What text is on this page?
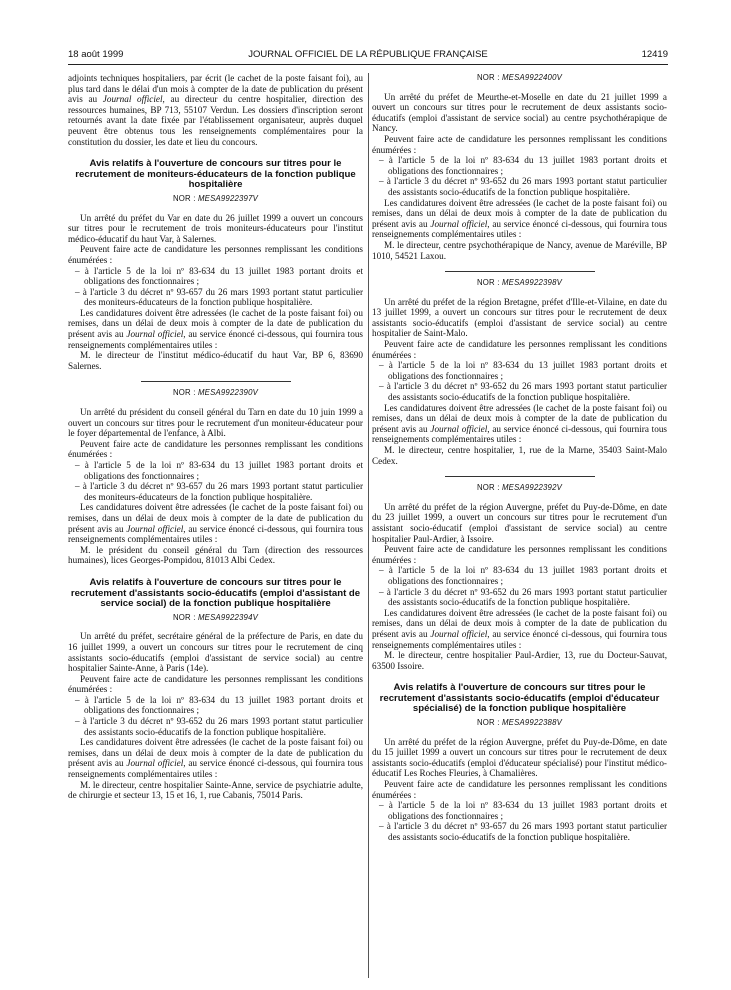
18 août 1999	JOURNAL OFFICIEL DE LA RÉPUBLIQUE FRANÇAISE	12419

adjoints techniques hospitaliers, par écrit (le cachet de la poste faisant foi), au plus tard dans le délai d'un mois à compter de la date de publication du présent avis au Journal officiel, au directeur du centre hospitalier, direction des ressources humaines, BP 713, 55107 Verdun. Les dossiers d'inscription seront retournés avant la date fixée par l'établissement organisateur, auprès duquel peuvent être obtenus tous les renseignements complémentaires pour la constitution du dossier, les date et lieu du concours.

Avis relatifs à l'ouverture de concours sur titres pour le recrutement de moniteurs-éducateurs de la fonction publique hospitalière
NOR : MESA9922397V

Un arrêté du préfet du Var en date du 26 juillet 1999 a ouvert un concours sur titres pour le recrutement de trois moniteurs-éducateurs pour l'institut médico-éducatif du haut Var, à Salernes.

Peuvent faire acte de candidature les personnes remplissant les conditions énumérées :

– à l'article 5 de la loi nº 83-634 du 13 juillet 1983 portant droits et obligations des fonctionnaires ;
– à l'article 3 du décret nº 93-657 du 26 mars 1993 portant statut particulier des moniteurs-éducateurs de la fonction publique hospitalière.

Les candidatures doivent être adressées (le cachet de la poste faisant foi) ou remises, dans un délai de deux mois à compter de la date de publication du présent avis au Journal officiel, au service énoncé ci-dessous, qui fournira tous renseignements complémentaires utiles :

M. le directeur de l'institut médico-éducatif du haut Var, BP 6, 83690 Salernes.

NOR : MESA9922390V

Un arrêté du président du conseil général du Tarn en date du 10 juin 1999 a ouvert un concours sur titres pour le recrutement d'un moniteur-éducateur pour le foyer départemental de l'enfance, à Albi.

Peuvent faire acte de candidature les personnes remplissant les conditions énumérées :

– à l'article 5 de la loi nº 83-634 du 13 juillet 1983 portant droits et obligations des fonctionnaires ;
– à l'article 3 du décret nº 93-657 du 26 mars 1993 portant statut particulier des moniteurs-éducateurs de la fonction publique hospitalière.

Les candidatures doivent être adressées (le cachet de la poste faisant foi) ou remises, dans un délai de deux mois à compter de la date de publication du présent avis au Journal officiel, au service énoncé ci-dessous, qui fournira tous renseignements complémentaires utiles :

M. le président du conseil général du Tarn (direction des ressources humaines), lices Georges-Pompidou, 81013 Albi Cedex.

Avis relatifs à l'ouverture de concours sur titres pour le recrutement d'assistants socio-éducatifs (emploi d'assistant de service social) de la fonction publique hospitalière
NOR : MESA9922394V

Un arrêté du préfet, secrétaire général de la préfecture de Paris, en date du 16 juillet 1999, a ouvert un concours sur titres pour le recrutement de cinq assistants socio-éducatifs (emploi d'assistant de service social) au centre hospitalier Sainte-Anne, à Paris (14e).

Peuvent faire acte de candidature les personnes remplissant les conditions énumérées :

– à l'article 5 de la loi nº 83-634 du 13 juillet 1983 portant droits et obligations des fonctionnaires ;
– à l'article 3 du décret nº 93-652 du 26 mars 1993 portant statut particulier des assistants socio-éducatifs de la fonction publique hospitalière.

Les candidatures doivent être adressées (le cachet de la poste faisant foi) ou remises, dans un délai de deux mois à compter de la date de publication du présent avis au Journal officiel, au service énoncé ci-dessous, qui fournira tous renseignements complémentaires utiles :

M. le directeur, centre hospitalier Sainte-Anne, service de psychiatrie adulte, de chirurgie et secteur 13, 15 et 16, 1, rue Cabanis, 75014 Paris.

NOR : MESA9922400V

Un arrêté du préfet de Meurthe-et-Moselle en date du 21 juillet 1999 a ouvert un concours sur titres pour le recrutement de deux assistants socio-éducatifs (emploi d'assistant de service social) au centre psychothérapique de Nancy.

Peuvent faire acte de candidature les personnes remplissant les conditions énumérées :

– à l'article 5 de la loi nº 83-634 du 13 juillet 1983 portant droits et obligations des fonctionnaires ;
– à l'article 3 du décret nº 93-652 du 26 mars 1993 portant statut particulier des assistants socio-éducatifs de la fonction publique hospitalière.

Les candidatures doivent être adressées (le cachet de la poste faisant foi) ou remises, dans un délai de deux mois à compter de la date de publication du présent avis au Journal officiel, au service énoncé ci-dessous, qui fournira tous renseignements complémentaires utiles :

M. le directeur, centre psychothérapique de Nancy, avenue de Maréville, BP 1010, 54521 Laxou.

NOR : MESA9922398V

Un arrêté du préfet de la région Bretagne, préfet d'Ille-et-Vilaine, en date du 13 juillet 1999, a ouvert un concours sur titres pour le recrutement de deux assistants socio-éducatifs (emploi d'assistant de service social) au centre hospitalier de Saint-Malo.

Peuvent faire acte de candidature les personnes remplissant les conditions énumérées :

– à l'article 5 de la loi nº 83-634 du 13 juillet 1983 portant droits et obligations des fonctionnaires ;
– à l'article 3 du décret nº 93-652 du 26 mars 1993 portant statut particulier des assistants socio-éducatifs de la fonction publique hospitalière.

Les candidatures doivent être adressées (le cachet de la poste faisant foi) ou remises, dans un délai de deux mois à compter de la date de publication du présent avis au Journal officiel, au service énoncé ci-dessous, qui fournira tous renseignements complémentaires utiles :

M. le directeur, centre hospitalier, 1, rue de la Marne, 35403 Saint-Malo Cedex.

NOR : MESA9922392V

Un arrêté du préfet de la région Auvergne, préfet du Puy-de-Dôme, en date du 23 juillet 1999, a ouvert un concours sur titres pour le recrutement d'un assistant socio-éducatif (emploi d'assistant de service social) au centre hospitalier Paul-Ardier, à Issoire.

Peuvent faire acte de candidature les personnes remplissant les conditions énumérées :

– à l'article 5 de la loi nº 83-634 du 13 juillet 1983 portant droits et obligations des fonctionnaires ;
– à l'article 3 du décret nº 93-652 du 26 mars 1993 portant statut particulier des assistants socio-éducatifs de la fonction publique hospitalière.

Les candidatures doivent être adressées (le cachet de la poste faisant foi) ou remises, dans un délai de deux mois à compter de la date de publication du présent avis au Journal officiel, au service énoncé ci-dessous, qui fournira tous renseignements complémentaires utiles :

M. le directeur, centre hospitalier Paul-Ardier, 13, rue du Docteur-Sauvat, 63500 Issoire.

Avis relatifs à l'ouverture de concours sur titres pour le recrutement d'assistants socio-éducatifs (emploi d'éducateur spécialisé) de la fonction publique hospitalière
NOR : MESA9922388V

Un arrêté du préfet de la région Auvergne, préfet du Puy-de-Dôme, en date du 15 juillet 1999 a ouvert un concours sur titres pour le recrutement de deux assistants socio-éducatifs (emploi d'éducateur spécialisé) pour l'institut médico-éducatif Les Roches Fleuries, à Chamalières.

Peuvent faire acte de candidature les personnes remplissant les conditions énumérées :

– à l'article 5 de la loi nº 83-634 du 13 juillet 1983 portant droits et obligations des fonctionnaires ;
– à l'article 3 du décret nº 93-657 du 26 mars 1993 portant statut particulier des assistants socio-éducatifs de la fonction publique hospitalière.
